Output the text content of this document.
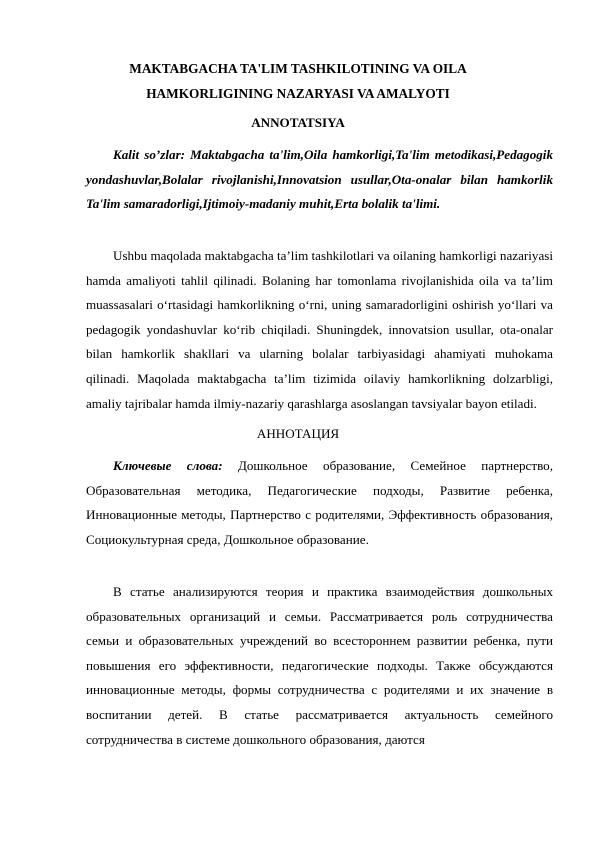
MAKTABGACHA TA'LIM TASHKILOTINING VA OILA
HAMKORLIGINING NAZARYASI VA AMALYOTI
ANNOTATSIYA

Kalit so’zlar: Maktabgacha ta'lim,Oila hamkorligi,Ta'lim metodikasi,Pedagogik yondashuvlar,Bolalar rivojlanishi,Innovatsion usullar,Ota-onalar bilan hamkorlik Ta'lim samaradorligi,Ijtimoiy-madaniy muhit,Erta bolalik ta'limi.

Ushbu maqolada maktabgacha ta’lim tashkilotlari va oilaning hamkorligi nazariyasi hamda amaliyoti tahlil qilinadi. Bolaning har tomonlama rivojlanishida oila va ta’lim muassasalari o‘rtasidagi hamkorlikning o‘rni, uning samaradorligini oshirish yo‘llari va pedagogik yondashuvlar ko‘rib chiqiladi. Shuningdek, innovatsion usullar, ota-onalar bilan hamkorlik shakllari va ularning bolalar tarbiyasidagi ahamiyati muhokama qilinadi. Maqolada maktabgacha ta’lim tizimida oilaviy hamkorlikning dolzarbligi, amaliy tajribalar hamda ilmiy-nazariy qarashlarga asoslangan tavsiyalar bayon etiladi.

АННОТАЦИЯ

Ключевые слова: Дошкольное образование, Семейное партнерство, Образовательная методика, Педагогические подходы, Развитие ребенка, Инновационные методы, Партнерство с родителями, Эффективность образования, Социокультурная среда, Дошкольное образование.

В статье анализируются теория и практика взаимодействия дошкольных образовательных организаций и семьи. Рассматривается роль сотрудничества семьи и образовательных учреждений во всестороннем развитии ребенка, пути повышения его эффективности, педагогические подходы. Также обсуждаются инновационные методы, формы сотрудничества с родителями и их значение в воспитании детей. В статье рассматривается актуальность семейного сотрудничества в системе дошкольного образования, даются
